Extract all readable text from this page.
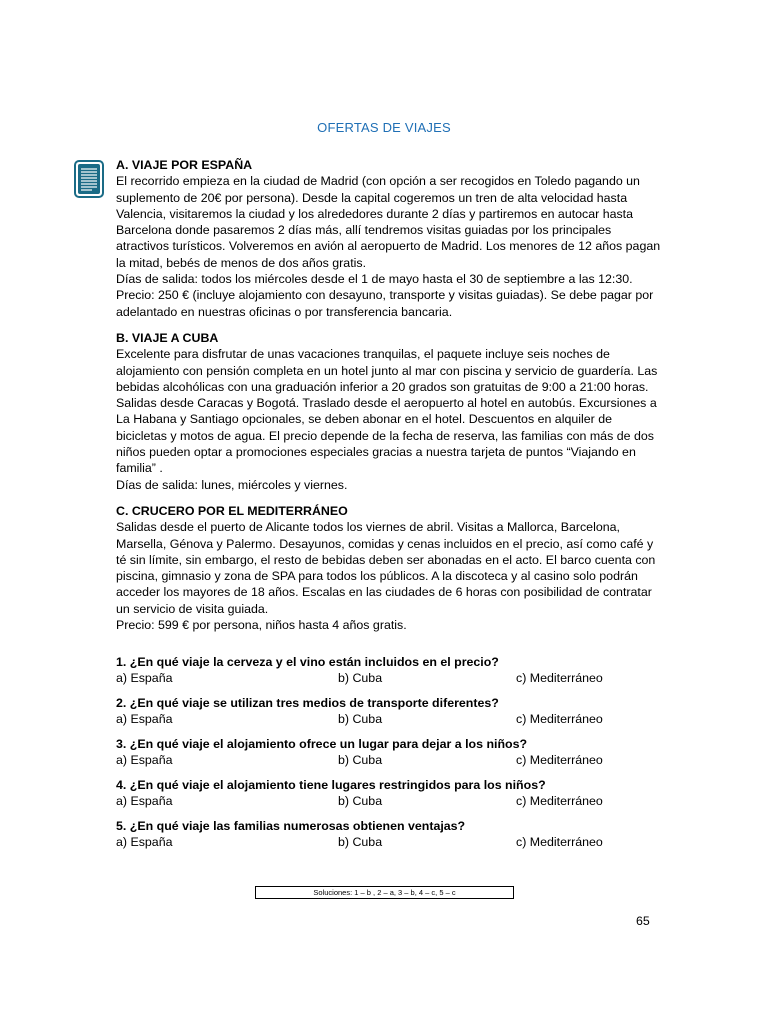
OFERTAS DE VIAJES
A. VIAJE POR ESPAÑA

El recorrido empieza en la ciudad de Madrid (con opción a ser recogidos en Toledo pagando un suplemento de 20€ por persona). Desde la capital cogeremos un tren de alta velocidad hasta Valencia, visitaremos la ciudad y los alrededores durante 2 días y partiremos en autocar hasta Barcelona donde pasaremos 2 días más, allí tendremos visitas guiadas por los principales atractivos turísticos. Volveremos en avión al aeropuerto de Madrid. Los menores de 12 años pagan la mitad, bebés de menos de dos años gratis.

Días de salida: todos los miércoles desde el 1 de mayo hasta el 30 de septiembre a las 12:30.

Precio: 250 € (incluye alojamiento con desayuno, transporte y visitas guiadas). Se debe pagar por adelantado en nuestras oficinas o por transferencia bancaria.

B. VIAJE A CUBA

Excelente para disfrutar de unas vacaciones tranquilas, el paquete incluye seis noches de alojamiento con pensión completa en un hotel junto al mar con piscina y servicio de guardería. Las bebidas alcohólicas con una graduación inferior a 20 grados son gratuitas de 9:00 a 21:00 horas. Salidas desde Caracas y Bogotá. Traslado desde el aeropuerto al hotel en autobús. Excursiones a La Habana y Santiago opcionales, se deben abonar en el hotel. Descuentos en alquiler de bicicletas y motos de agua. El precio depende de la fecha de reserva, las familias con más de dos niños pueden optar a promociones especiales gracias a nuestra tarjeta de puntos “Viajando en familia” .

Días de salida: lunes, miércoles y viernes.

C. CRUCERO POR EL MEDITERRÁNEO

Salidas desde el puerto de Alicante todos los viernes de abril. Visitas a Mallorca, Barcelona, Marsella, Génova y Palermo. Desayunos, comidas y cenas incluidos en el precio, así como café y té sin límite, sin embargo, el resto de bebidas deben ser abonadas en el acto. El barco cuenta con piscina, gimnasio y zona de SPA para todos los públicos. A la discoteca y al casino solo podrán acceder los mayores de 18 años. Escalas en las ciudades de 6 horas con posibilidad de contratar un servicio de visita guiada.

Precio: 599 € por persona, niños hasta 4 años gratis.

1. ¿En qué viaje la cerveza y el vino están incluidos en el precio?
a) España	b) Cuba	c) Mediterráneo
2. ¿En qué viaje se utilizan tres medios de transporte diferentes?
a) España	b) Cuba	c) Mediterráneo
3. ¿En qué viaje el alojamiento ofrece un lugar para dejar a los niños?
a) España	b) Cuba	c) Mediterráneo
4. ¿En qué viaje el alojamiento tiene lugares restringidos para los niños?
a) España	b) Cuba	c) Mediterráneo
5. ¿En qué viaje las familias numerosas obtienen ventajas?
a) España	b) Cuba	c) Mediterráneo
Soluciones: 1 – b , 2 – a, 3 – b, 4 – c, 5 – c
65
